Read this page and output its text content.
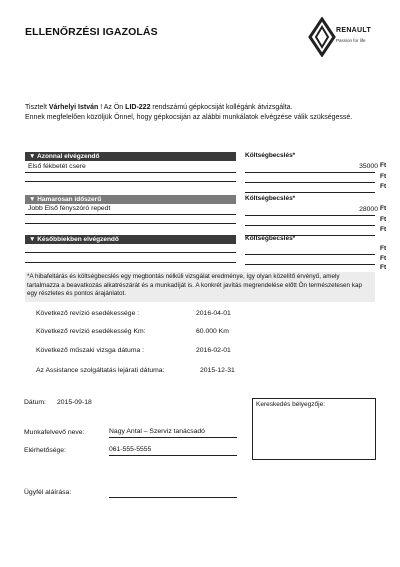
ELLENŐRZÉSI IGAZOLÁS	RENAULT
Passion for life
Tisztelt Várhelyi István ! Az Ön LID-222 rendszámú gépkocsiját kollégánk átvizsgálta.
Ennek megfelelően közöljük Önnel, hogy gépkocsiján az alábbi munkálatok elvégzése válik szükségessé.
▼ Azonnal elvégzendő	Költségbecslés*
Első fékbetét csere	35000 Ft
Ft
Ft
▼ Hamarosan időszerű	Költségbecslés*
Jobb Első fényszóró repedt	28000 Ft
Ft
Ft
▼ Későbbiekben elvégzendő	Költségbecslés*
Ft
Ft
Ft
*A hibafeltárás és költségbecslés egy megbontás nélküli vizsgálat eredménye, így olyan közelítő érvényű, amely tartalmazza a beavatkozás alkatrészárát és a munkadíját is. A konkrét javítás megrendelése előtt Ön természetesen kap egy részletes és pontos árajánlatot.
Következő revízió esedékessége :	2016-04-01
Következő revízió esedékesség Km:	60.000 Km
Következő műszaki vizsga dátuma :	2016-02-01
Az Assistance szolgáltatás lejárati dátuma:	2015-12-31
Dátum: 2015-09-18	Kereskedés bélyegzője:
Munkafelvevő neve:	Nagy Antal – Szerviz tanácsadó
Elérhetősége:	061-555-5555
Ügyfél aláírása:
